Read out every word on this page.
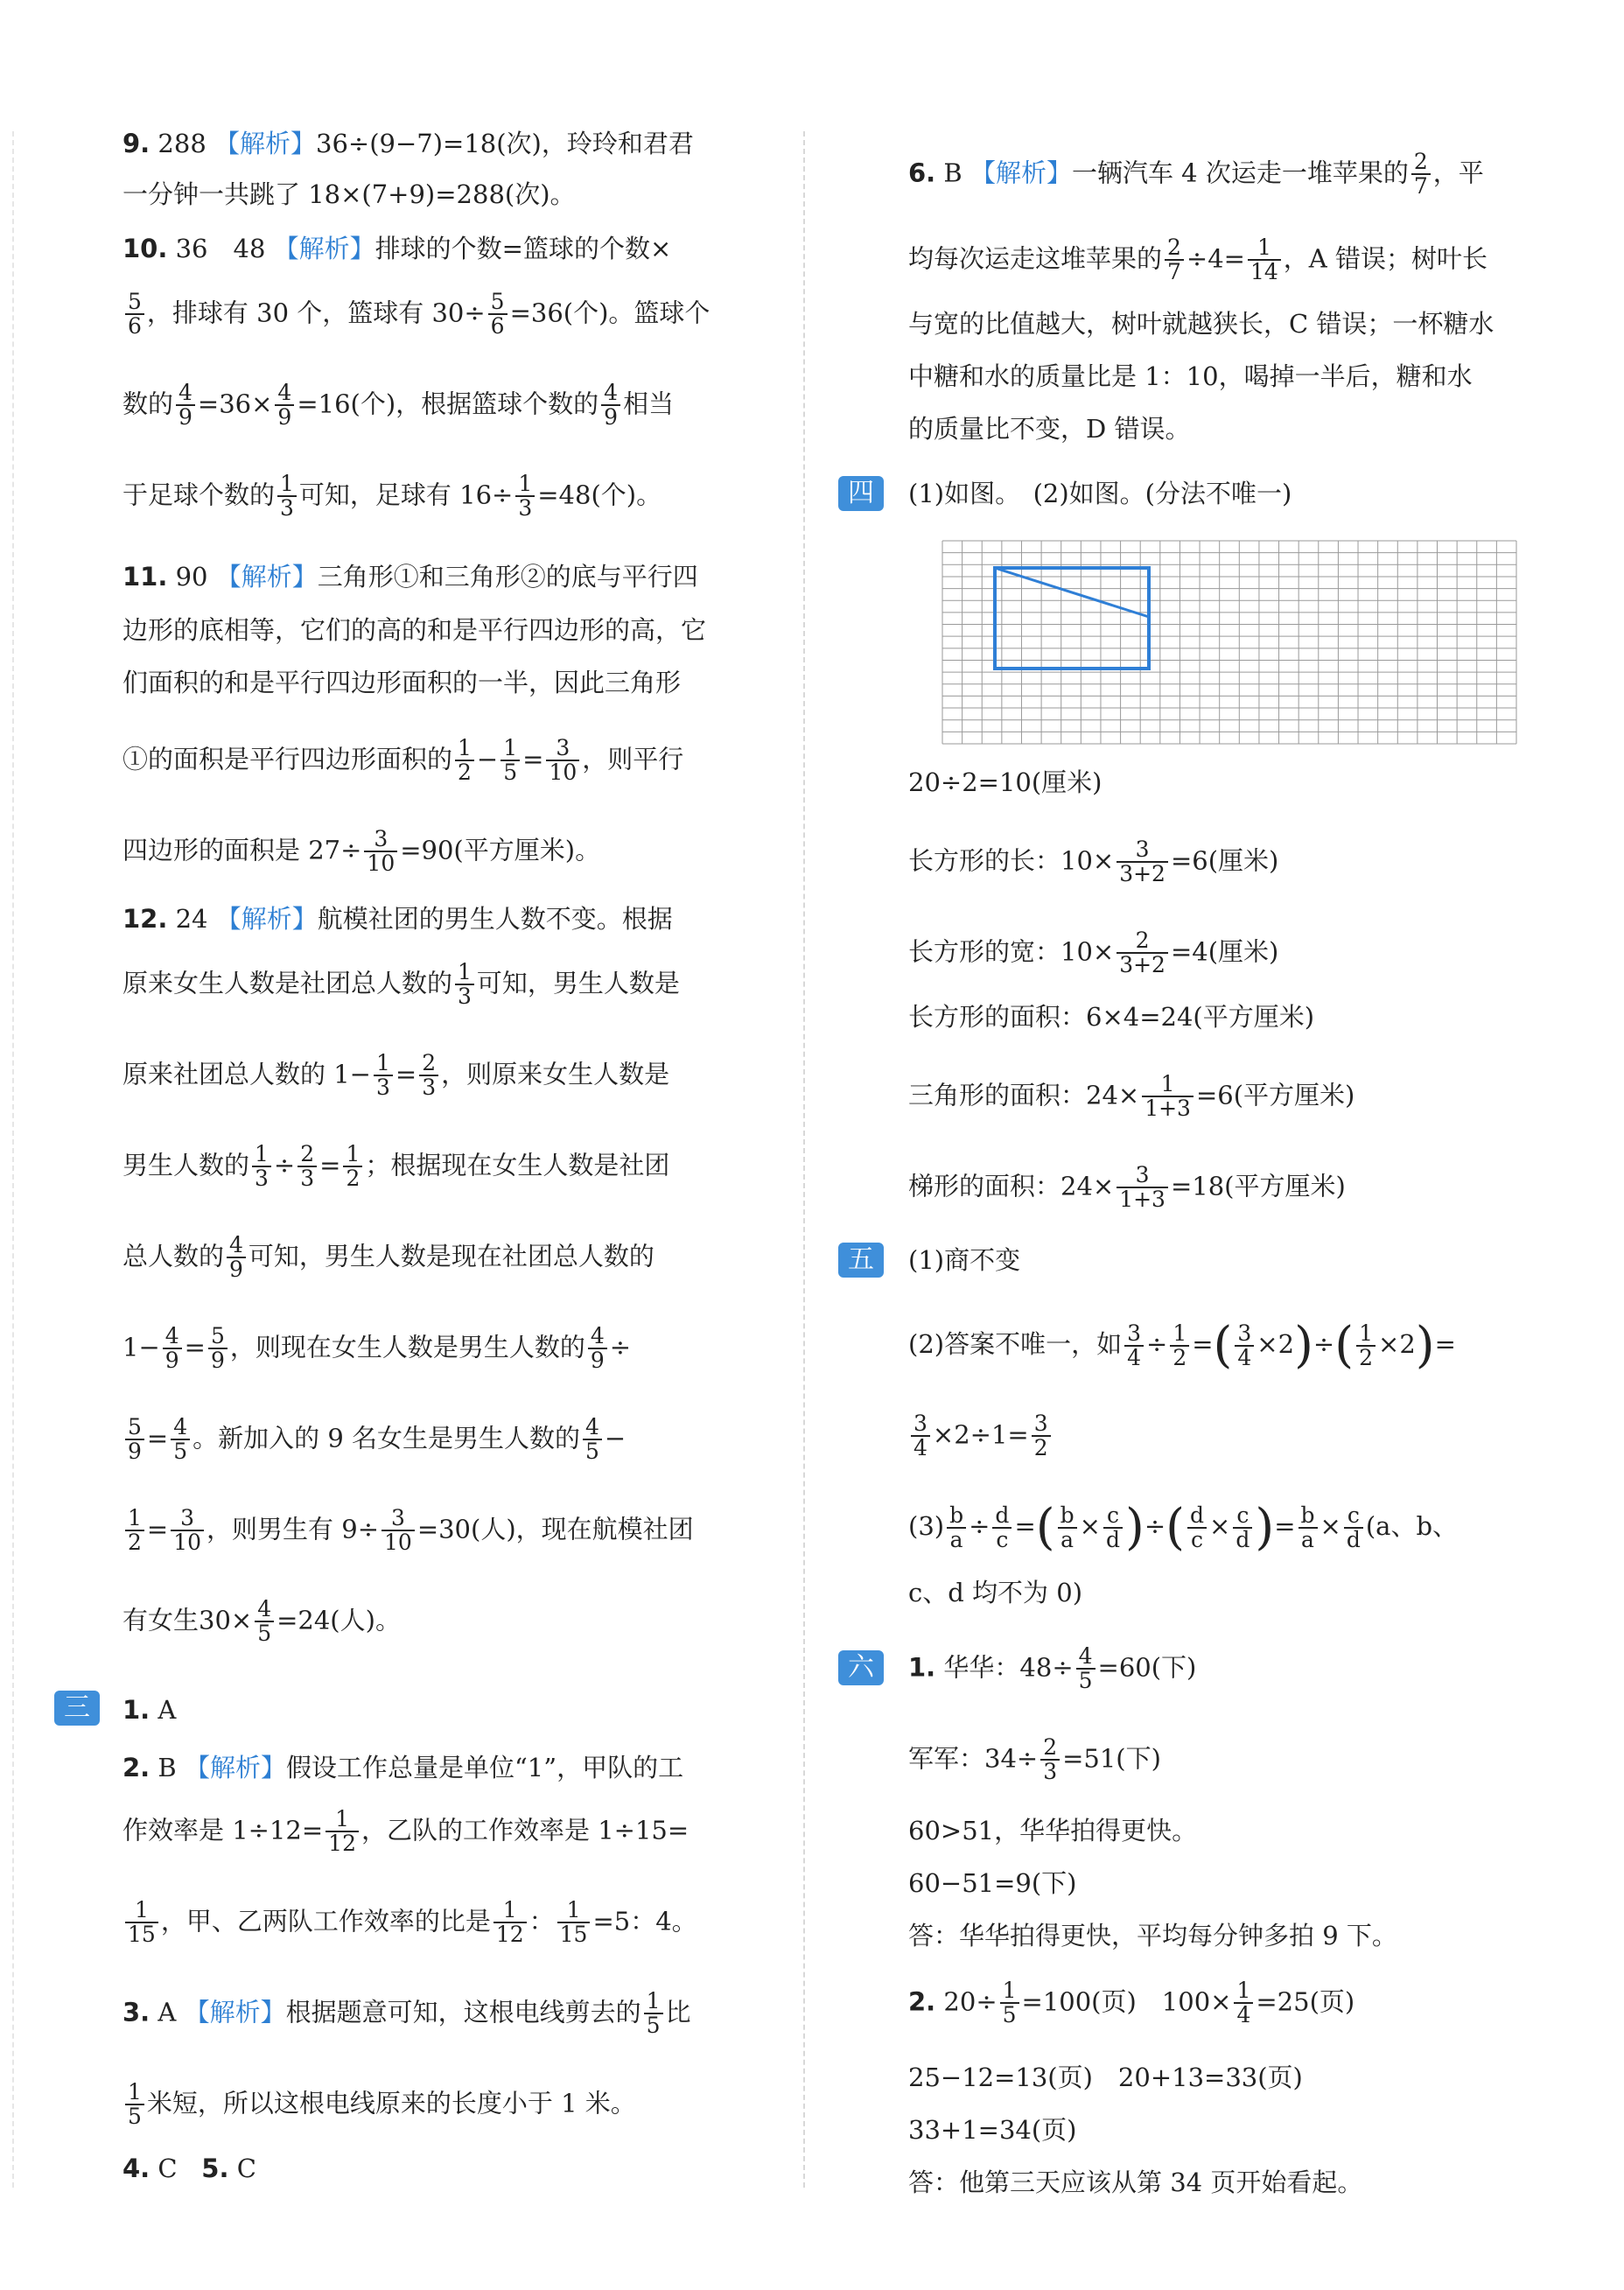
9. 288 【解析】36÷(9−7)=18(次)，玲玲和君君
一分钟一共跳了 18×(7+9)=288(次)。
10. 36　48 【解析】排球的个数=篮球的个数×
$\frac{5}{6}$ ，排球有 30 个，篮球有 $30\div \frac{5}{6} =36$(个)。篮球个
数的 $\frac{4}{9} =36\times \frac{4}{9} =16$(个)，根据篮球个数的 $\frac{4}{9}$ 相当
于足球个数的 $\frac{1}{3}$ 可知，足球有 $16\div \frac{1}{3} =48$(个)。
11. 90 【解析】三角形①和三角形②的底与平行四
边形的底相等，它们的高的和是平行四边形的高，它
们面积的和是平行四边形面积的一半，因此三角形
①的面积是平行四边形面积的 $\frac{1}{2} - \frac{1}{5} = \frac{3}{10}$ ，则平行
四边形的面积是 $27\div \frac{3}{10} =90$(平方厘米)。
12. 24 【解析】航模社团的男生人数不变。根据
原来女生人数是社团总人数的 $\frac{1}{3}$ 可知，男生人数是
原来社团总人数的 $1- \frac{1}{3} = \frac{2}{3}$ ，则原来女生人数是
男生人数的 $\frac{1}{3} \div \frac{2}{3} = \frac{1}{2}$ ；根据现在女生人数是社团
总人数的 $\frac{4}{9}$ 可知，男生人数是现在社团总人数的
$1- \frac{4}{9} = \frac{5}{9}$ ，则现在女生人数是男生人数的 $\frac{4}{9}$ ÷
$\frac{5}{9} = \frac{4}{5}$ 。新加入的 9 名女生是男生人数的 $\frac{4}{5}$ −
$\frac{1}{2} = \frac{3}{10}$ ，则男生有 $9\div \frac{3}{10} =30$(人)，现在航模社团
有女生$30\times \frac{4}{5} =24$(人)。
三	1. A
2. B 【解析】假设工作总量是单位“1”，甲队的工
作效率是 $1\div 12= \frac{1}{12}$ ，乙队的工作效率是 1÷15=
$\frac{1}{15}$ ，甲、乙两队工作效率的比是 $\frac{1}{12}$ ： $\frac{1}{15} =5$：4。
3. A 【解析】根据题意可知，这根电线剪去的 $\frac{1}{5}$ 比
$\frac{1}{5}$ 米短，所以这根电线原来的长度小于 1 米。
4. C 5. C
6. B 【解析】一辆汽车 4 次运走一堆苹果的 $\frac{2}{7}$ ，平
均每次运走这堆苹果的 $\frac{2}{7} \div 4= \frac{1}{14}$ ，A 错误；树叶长
与宽的比值越大，树叶就越狭长，C 错误；一杯糖水
中糖和水的质量比是 1：10，喝掉一半后，糖和水
的质量比不变，D 错误。
四	(1)如图。　(2)如图。(分法不唯一)
20÷2=10(厘米)
长方形的长：$10\times \frac{3}{3+2} =6$(厘米)
长方形的宽：$10\times \frac{2}{3+2} =4$(厘米)
长方形的面积：6×4=24(平方厘米)
三角形的面积：$24\times \frac{1}{1+3} =6$(平方厘米)
梯形的面积：$24\times \frac{3}{1+3} =18$(平方厘米)
五	(1)商不变
(2)答案不唯一，如 $\frac{3}{4} \div \frac{1}{2}$ =( $\frac{3}{4} \times 2)\div( \frac{1}{2} \times 2)=$
$\frac{3}{4} \times 2\div 1= \frac{3}{2}$
$(3) \frac{b}{a} \div \frac{d}{c}$ =( $\frac{b}{a} \times \frac{c}{d}$ )÷( $\frac{d}{c} \times \frac{c}{d}$ )= $\frac{b}{a} \times \frac{c}{d} (a$、b、
c、d 均不为 0)
六	1. 华华：$48\div \frac{4}{5} =60$(下)
军军：$34\div \frac{2}{3} =51$(下)
60>51，华华拍得更快。
60−51=9(下)
答：华华拍得更快，平均每分钟多拍 9 下。
2. $20\div \frac{1}{5} =100$(页)　$100\times \frac{1}{4} =25$(页)
25−12=13(页)　20+13=33(页)
33+1=34(页)
答：他第三天应该从第 34 页开始看起。
